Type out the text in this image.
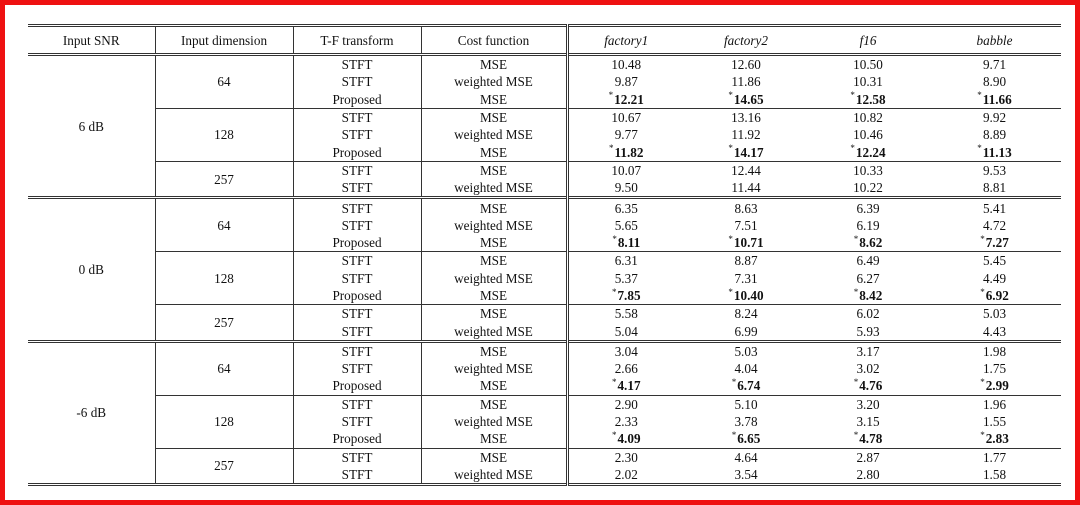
Input SNR	Input dimension	T-F transform	Cost function	factory1	factory2	f16	babble
6 dB	64	STFT	MSE	10.48	12.60	10.50	9.71
		STFT	weighted MSE	9.87	11.86	10.31	8.90
		Proposed	MSE	*12.21	*14.65	*12.58	*11.66
	128	STFT	MSE	10.67	13.16	10.82	9.92
		STFT	weighted MSE	9.77	11.92	10.46	8.89
		Proposed	MSE	*11.82	*14.17	*12.24	*11.13
	257	STFT	MSE	10.07	12.44	10.33	9.53
		STFT	weighted MSE	9.50	11.44	10.22	8.81
0 dB	64	STFT	MSE	6.35	8.63	6.39	5.41
		STFT	weighted MSE	5.65	7.51	6.19	4.72
		Proposed	MSE	*8.11	*10.71	*8.62	*7.27
	128	STFT	MSE	6.31	8.87	6.49	5.45
		STFT	weighted MSE	5.37	7.31	6.27	4.49
		Proposed	MSE	*7.85	*10.40	*8.42	*6.92
	257	STFT	MSE	5.58	8.24	6.02	5.03
		STFT	weighted MSE	5.04	6.99	5.93	4.43
-6 dB	64	STFT	MSE	3.04	5.03	3.17	1.98
		STFT	weighted MSE	2.66	4.04	3.02	1.75
		Proposed	MSE	*4.17	*6.74	*4.76	*2.99
	128	STFT	MSE	2.90	5.10	3.20	1.96
		STFT	weighted MSE	2.33	3.78	3.15	1.55
		Proposed	MSE	*4.09	*6.65	*4.78	*2.83
	257	STFT	MSE	2.30	4.64	2.87	1.77
		STFT	weighted MSE	2.02	3.54	2.80	1.58
